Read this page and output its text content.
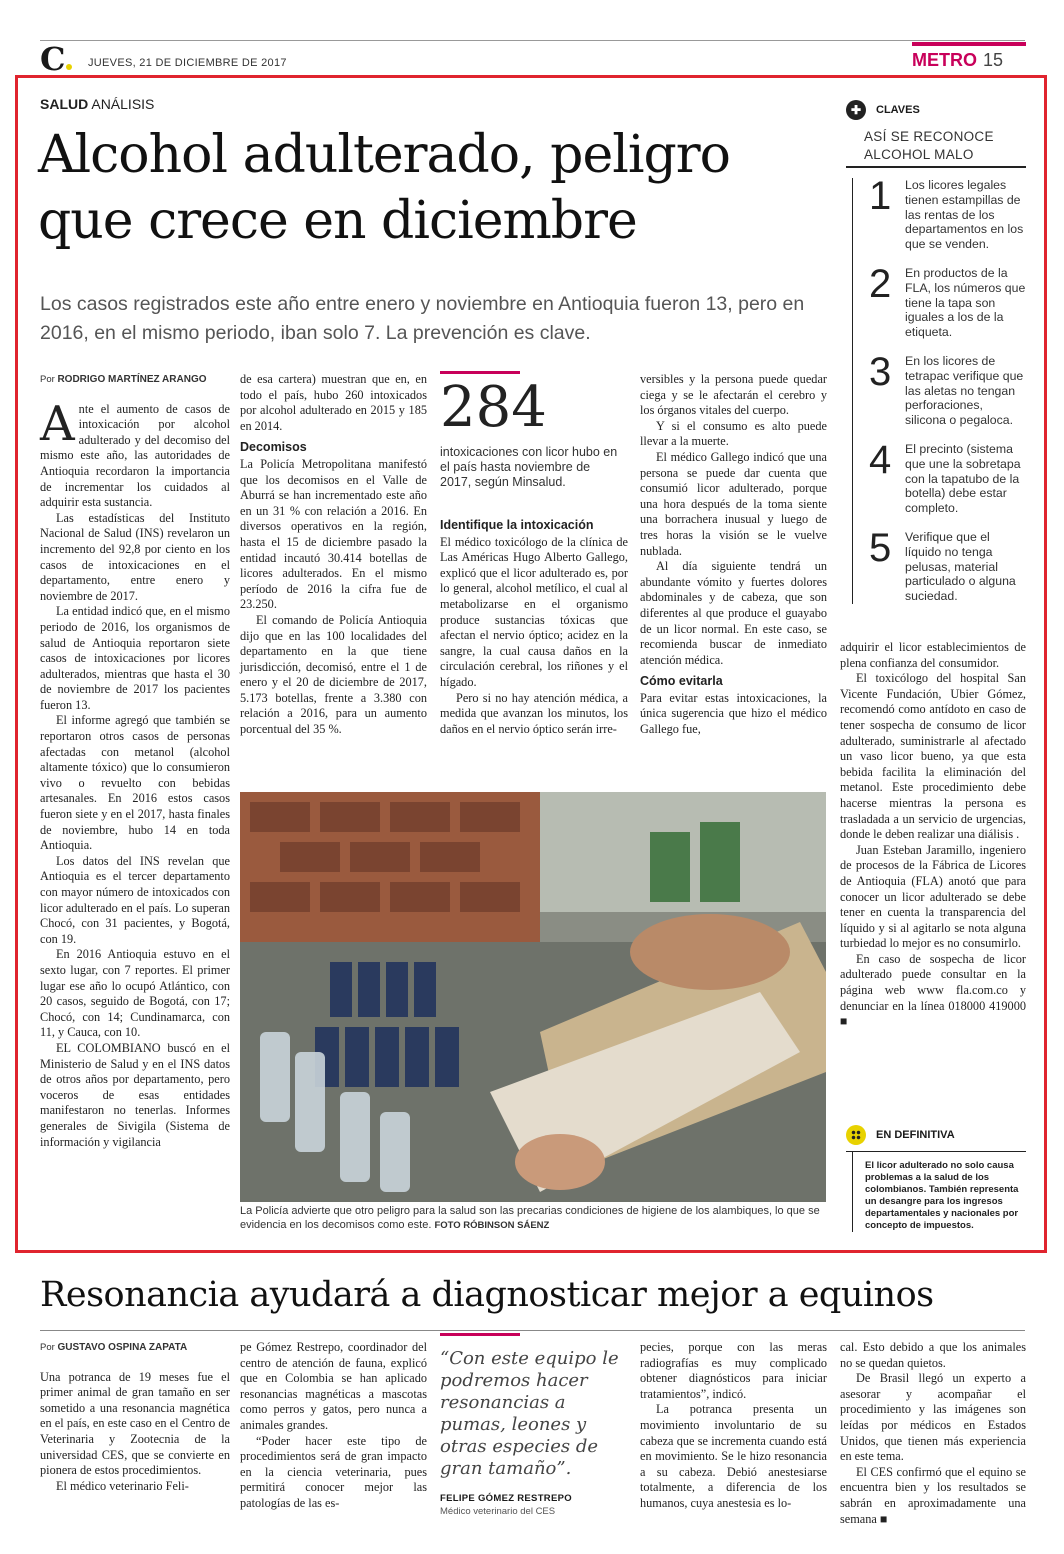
C	JUEVES, 21 DE DICIEMBRE DE 2017	METRO 15
SALUD ANÁLISIS
Alcohol adulterado, peligro que crece en diciembre
Los casos registrados este año entre enero y noviembre en Antioquia fueron 13, pero en 2016, en el mismo periodo, iban solo 7. La prevención es clave.
Por RODRIGO MARTÍNEZ ARANGO

Ante el aumento de casos de intoxicación por alcohol adulterado y del decomiso del mismo este año, las autoridades de Antioquia recordaron la importancia de incrementar los cuidados al adquirir esta sustancia.

Las estadísticas del Instituto Nacional de Salud (INS) revelaron un incremento del 92,8 por ciento en los casos de intoxicaciones en el departamento, entre enero y noviembre de 2017.

La entidad indicó que, en el mismo periodo de 2016, los organismos de salud de Antioquia reportaron siete casos de intoxicaciones por licores adulterados, mientras que hasta el 30 de noviembre de 2017 los pacientes fueron 13.

El informe agregó que también se reportaron otros casos de personas afectadas con metanol (alcohol altamente tóxico) que lo consumieron vivo o revuelto con bebidas artesanales. En 2016 estos casos fueron siete y en el 2017, hasta finales de noviembre, hubo 14 en toda Antioquia.

Los datos del INS revelan que Antioquia es el tercer departamento con mayor número de intoxicados con licor adulterado en el país. Lo superan Chocó, con 31 pacientes, y Bogotá, con 19.

En 2016 Antioquia estuvo en el sexto lugar, con 7 reportes. El primer lugar ese año lo ocupó Atlántico, con 20 casos, seguido de Bogotá, con 17; Chocó, con 14; Cundinamarca, con 11, y Cauca, con 10.

EL COLOMBIANO buscó en el Ministerio de Salud y en el INS datos de otros años por departamento, pero voceros de esas entidades manifestaron no tenerlas. Informes generales de Sivigila (Sistema de información y vigilancia

de esa cartera) muestran que en, en todo el país, hubo 260 intoxicados por alcohol adulterado en 2015 y 185 en 2014.

Decomisos

La Policía Metropolitana manifestó que los decomisos en el Valle de Aburrá se han incrementado este año en un 31 % con relación a 2016. En diversos operativos en la región, hasta el 15 de diciembre pasado la entidad incautó 30.414 botellas de licores adulterados. En el mismo período de 2016 la cifra fue de 23.250.

El comando de Policía Antioquia dijo que en las 100 localidades del departamento en la que tiene jurisdicción, decomisó, entre el 1 de enero y el 20 de diciembre de 2017, 5.173 botellas, frente a 3.380 con relación a 2016, para un aumento porcentual del 35 %.

284
intoxicaciones con licor hubo en el país hasta noviembre de 2017, según Minsalud.
Identifique la intoxicación

El médico toxicólogo de la clínica de Las Américas Hugo Alberto Gallego, explicó que el licor adulterado es, por lo general, alcohol metílico, el cual al metabolizarse en el organismo produce sustancias tóxicas que afectan el nervio óptico; acidez en la sangre, la cual causa daños en la circulación cerebral, los riñones y el hígado.

Pero si no hay atención médica, a medida que avanzan los minutos, los daños en el nervio óptico serán irre-

versibles y la persona puede quedar ciega y se le afectarán el cerebro y los órganos vitales del cuerpo.

Y si el consumo es alto puede llevar a la muerte.

El médico Gallego indicó que una persona se puede dar cuenta que consumió licor adulterado, porque una hora después de la toma siente una borrachera inusual y luego de tres horas la visión se le vuelve nublada.

Al día siguiente tendrá un abundante vómito y fuertes dolores abdominales y de cabeza, que son diferentes al que produce el guayabo de un licor normal. En este caso, se recomienda buscar de inmediato atención médica.

Cómo evitarla

Para evitar estas intoxicaciones, la única sugerencia que hizo el médico Gallego fue,

✚	CLAVES
ASÍ SE RECONOCE ALCOHOL MALO
1 Los licores legales tienen estampillas de las rentas de los departamentos en los que se venden.
2 En productos de la FLA, los números que tiene la tapa son iguales a los de la etiqueta.
3 En los licores de tetrapac verifique que las aletas no tengan perforaciones, silicona o pegaloca.
4 El precinto (sistema que une la sobretapa con la tapatubo de la botella) debe estar completo.
5 Verifique que el líquido no tenga pelusas, material particulado o alguna suciedad.

adquirir el licor establecimientos de plena confianza del consumidor.

El toxicólogo del hospital San Vicente Fundación, Ubier Gómez, recomendó como antídoto en caso de tener sospecha de consumo de licor adulterado, suministrarle al afectado un vaso licor bueno, ya que esta bebida facilita la eliminación del metanol. Este procedimiento debe hacerse mientras la persona es trasladada a un servicio de urgencias, donde le deben realizar una diálisis .

Juan Esteban Jaramillo, ingeniero de procesos de la Fábrica de Licores de Antioquia (FLA) anotó que para conocer un licor adulterado se debe tener en cuenta la transparencia del líquido y si al agitarlo se nota alguna turbiedad lo mejor es no consumirlo.

En caso de sospecha de licor adulterado puede consultar en la página web www fla.com.co y denunciar en la línea 018000 419000 ■

La Policía advierte que otro peligro para la salud son las precarias condiciones de higiene de los alambiques, lo que se evidencia en los decomisos como este. FOTO RÓBINSON SÁENZ
EN DEFINITIVA
El licor adulterado no solo causa problemas a la salud de los colombianos. También representa un desangre para los ingresos departamentales y nacionales por concepto de impuestos.
Resonancia ayudará a diagnosticar mejor a equinos
Por GUSTAVO OSPINA ZAPATA

Una potranca de 19 meses fue el primer animal de gran tamaño en ser sometido a una resonancia magnética en el país, en este caso en el Centro de Veterinaria y Zootecnia de la universidad CES, que se convierte en pionera de estos procedimientos.

El médico veterinario Feli-

pe Gómez Restrepo, coordinador del centro de atención de fauna, explicó que en Colombia se han aplicado resonancias magnéticas a mascotas como perros y gatos, pero nunca a animales grandes.

“Poder hacer este tipo de procedimientos será de gran impacto en la ciencia veterinaria, pues permitirá conocer mejor las patologías de las es-

“Con este equipo le podremos hacer resonancias a pumas, leones y otras especies de gran tamaño”.
FELIPE GÓMEZ RESTREPO
Médico veterinario del CES

pecies, porque con las meras radiografías es muy complicado obtener diagnósticos para iniciar tratamientos”, indicó.

La potranca presenta un movimiento involuntario de su cabeza que se incrementa cuando está en movimiento. Se le hizo resonancia a su cabeza. Debió anestesiarse totalmente, a diferencia de los humanos, cuya anestesia es lo-

cal. Esto debido a que los animales no se quedan quietos.

De Brasil llegó un experto a asesorar y acompañar el procedimiento y las imágenes son leídas por médicos en Estados Unidos, que tienen más experiencia en este tema.

El CES confirmó que el equino se encuentra bien y los resultados se sabrán en aproximadamente una semana ■
